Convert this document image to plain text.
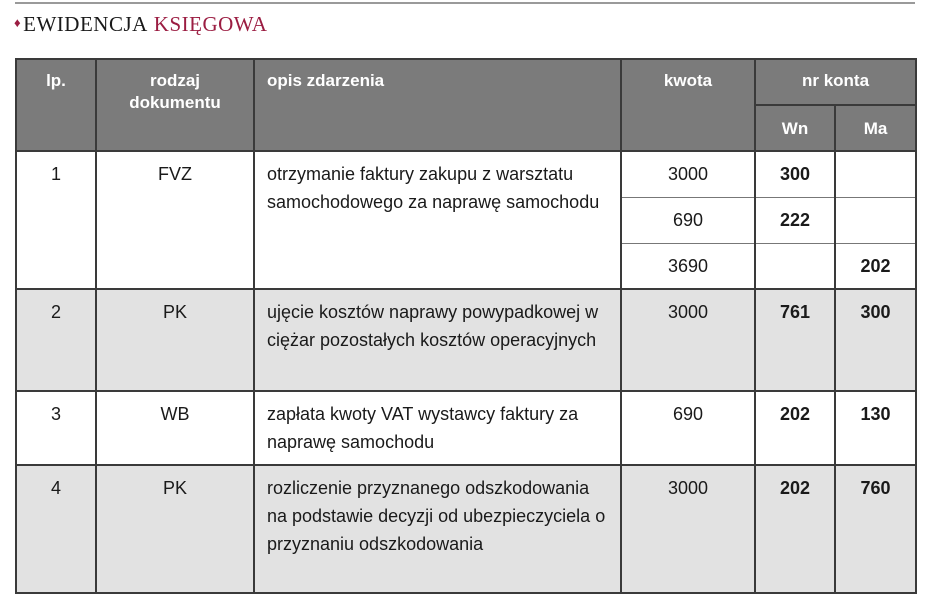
♦ EWIDENCJA KSIĘGOWA
lp.	rodzaj dokumentu	opis zdarzenia	kwota	nr konta	
				Wn	Ma
1	FVZ	otrzymanie faktury zakupu z warsztatu samochodowego za naprawę samochodu	3000	300	
			690	222	
			3690		202
2	PK	ujęcie kosztów naprawy powypadkowej w ciężar pozostałych kosztów operacyjnych	3000	761	300
3	WB	zapłata kwoty VAT wystawcy faktury za naprawę samochodu	690	202	130
4	PK	rozliczenie przyznanego odszkodowania na podstawie decyzji od ubezpieczyciela o przyznaniu odszkodowania	3000	202	760
